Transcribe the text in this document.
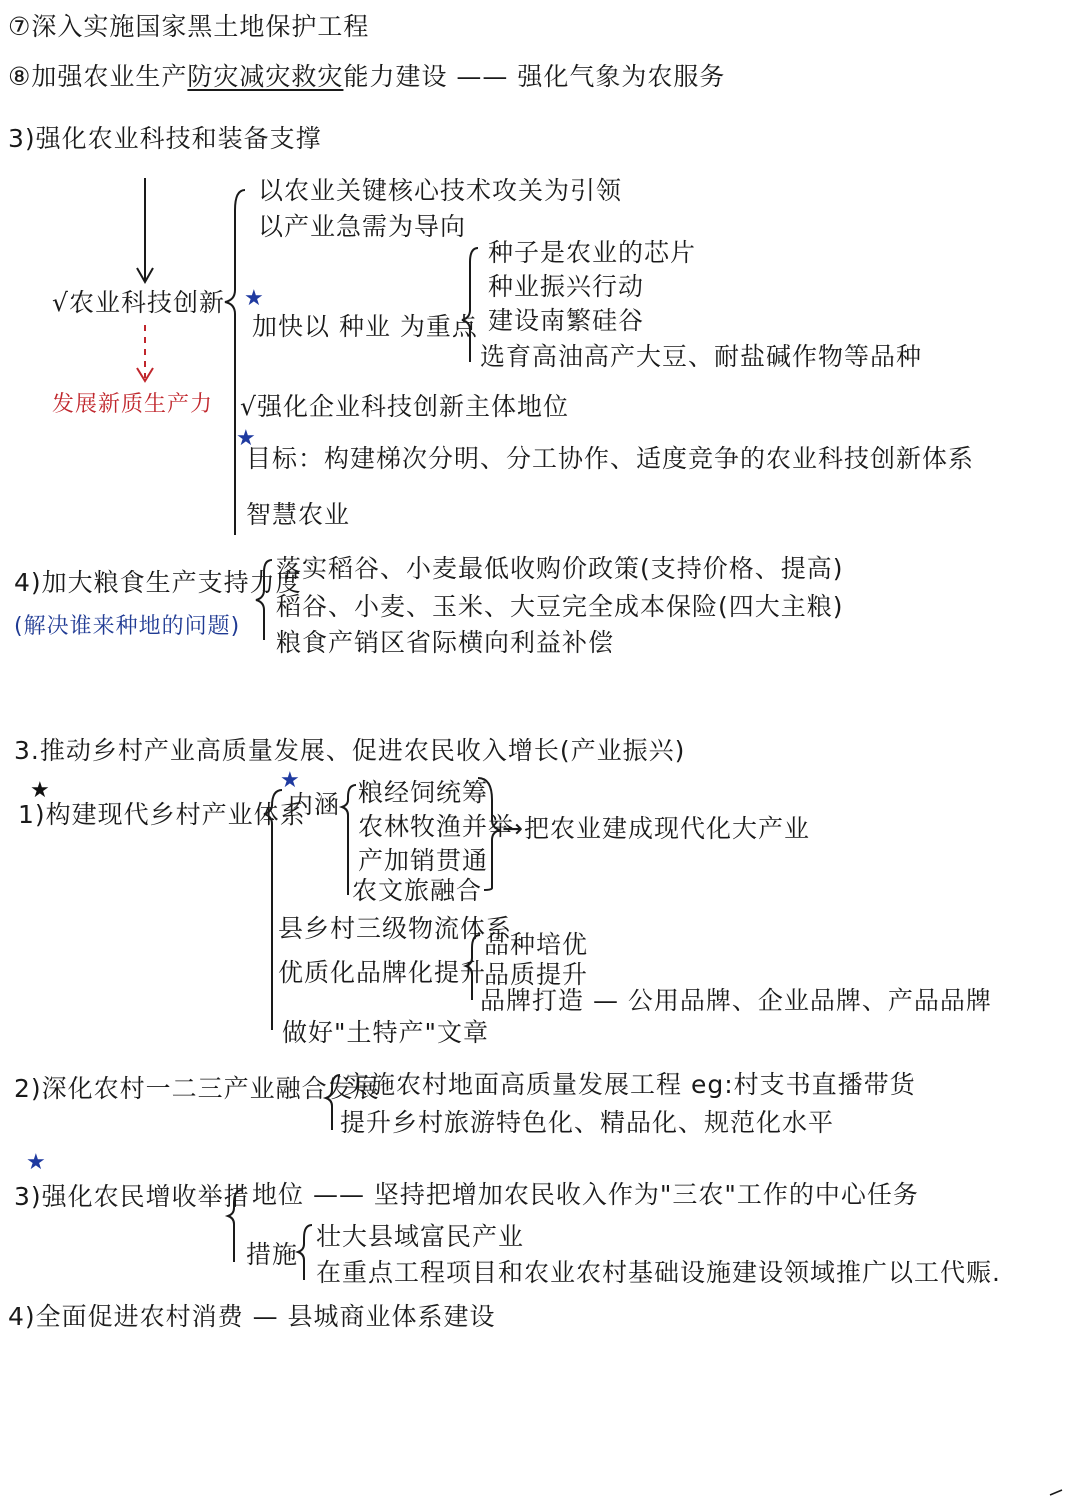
⑦深入实施国家黑土地保护工程
⑧加强农业生产防灾减灾救灾能力建设 —— 强化气象为农服务
3)强化农业科技和装备支撑
√农业科技创新
发展新质生产力
以农业关键核心技术攻关为引领
以产业急需为导向
★
加快以 种业 为重点
种子是农业的芯片
种业振兴行动
建设南繁硅谷
选育高油高产大豆、耐盐碱作物等品种
√强化企业科技创新主体地位
★
目标：构建梯次分明、分工协作、适度竞争的农业科技创新体系
智慧农业
4)加大粮食生产支持力度
(解决谁来种地的问题)
落实稻谷、小麦最低收购价政策(支持价格、提高)
稻谷、小麦、玉米、大豆完全成本保险(四大主粮)
粮食产销区省际横向利益补偿
3.推动乡村产业高质量发展、促进农民收入增长(产业振兴)
★
1)构建现代乡村产业体系
★
内涵 粮经饲统筹
农林牧渔并举
产加销贯通
农文旅融合
→把农业建成现代化大产业
县乡村三级物流体系
优质化品牌化提升
品种培优
品质提升
品牌打造 — 公用品牌、企业品牌、产品品牌
做好"土特产"文章
2)深化农村一二三产业融合发展
实施农村地面高质量发展工程 eg:村支书直播带货
提升乡村旅游特色化、精品化、规范化水平
★
3)强化农民增收举措 地位 —— 坚持把增加农民收入作为"三农"工作的中心任务
措施
壮大县域富民产业
在重点工程项目和农业农村基础设施建设领域推广以工代赈.
4)全面促进农村消费 — 县城商业体系建设
